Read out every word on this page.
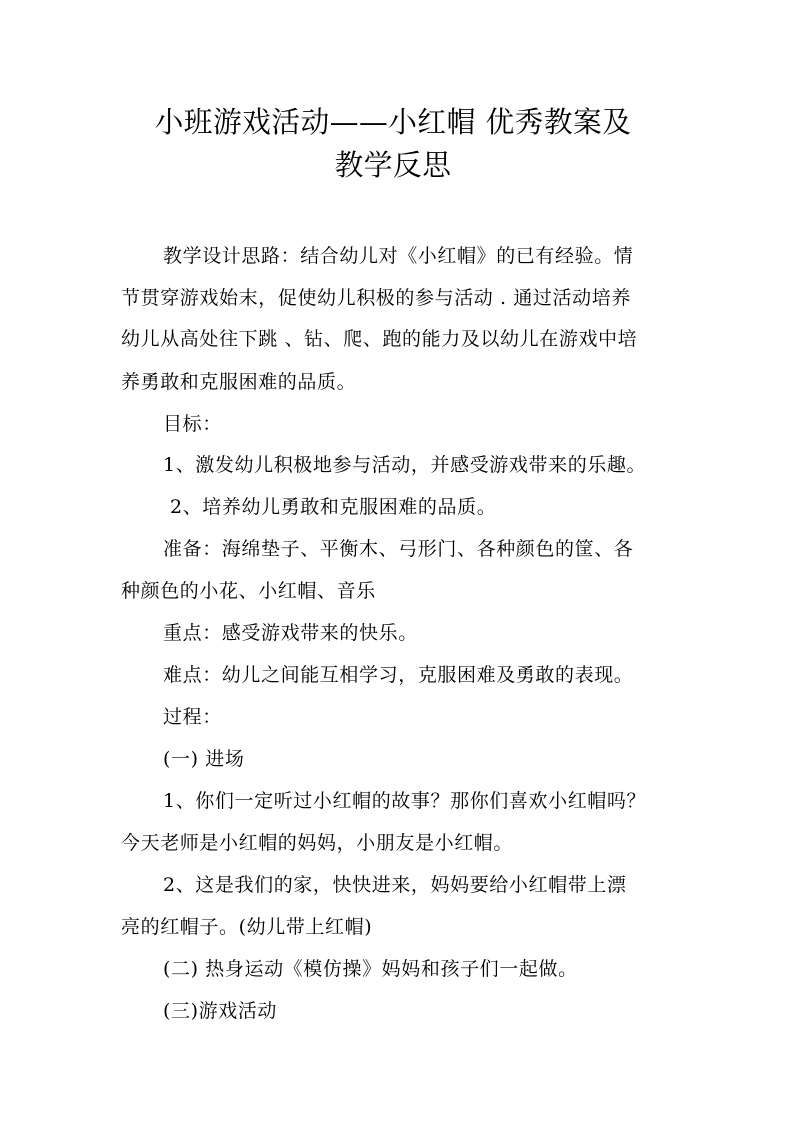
小班游戏活动——小红帽 优秀教案及
教学反思
教学设计思路：结合幼儿对《小红帽》的已有经验。情
节贯穿游戏始末，促使幼儿积极的参与活动 . 通过活动培养
幼儿从高处往下跳 、钻、爬、跑的能力及以幼儿在游戏中培
养勇敢和克服困难的品质。
目标：
1、激发幼儿积极地参与活动，并感受游戏带来的乐趣。
2、培养幼儿勇敢和克服困难的品质。
准备：海绵垫子、平衡木、弓形门、各种颜色的筐、各
种颜色的小花、小红帽、音乐
重点：感受游戏带来的快乐。
难点：幼儿之间能互相学习，克服困难及勇敢的表现。
过程：
(一) 进场
1、你们一定听过小红帽的故事？那你们喜欢小红帽吗？
今天老师是小红帽的妈妈，小朋友是小红帽。
2、这是我们的家，快快进来，妈妈要给小红帽带上漂
亮的红帽子。(幼儿带上红帽)
(二) 热身运动《模仿操》妈妈和孩子们一起做。
(三)游戏活动
